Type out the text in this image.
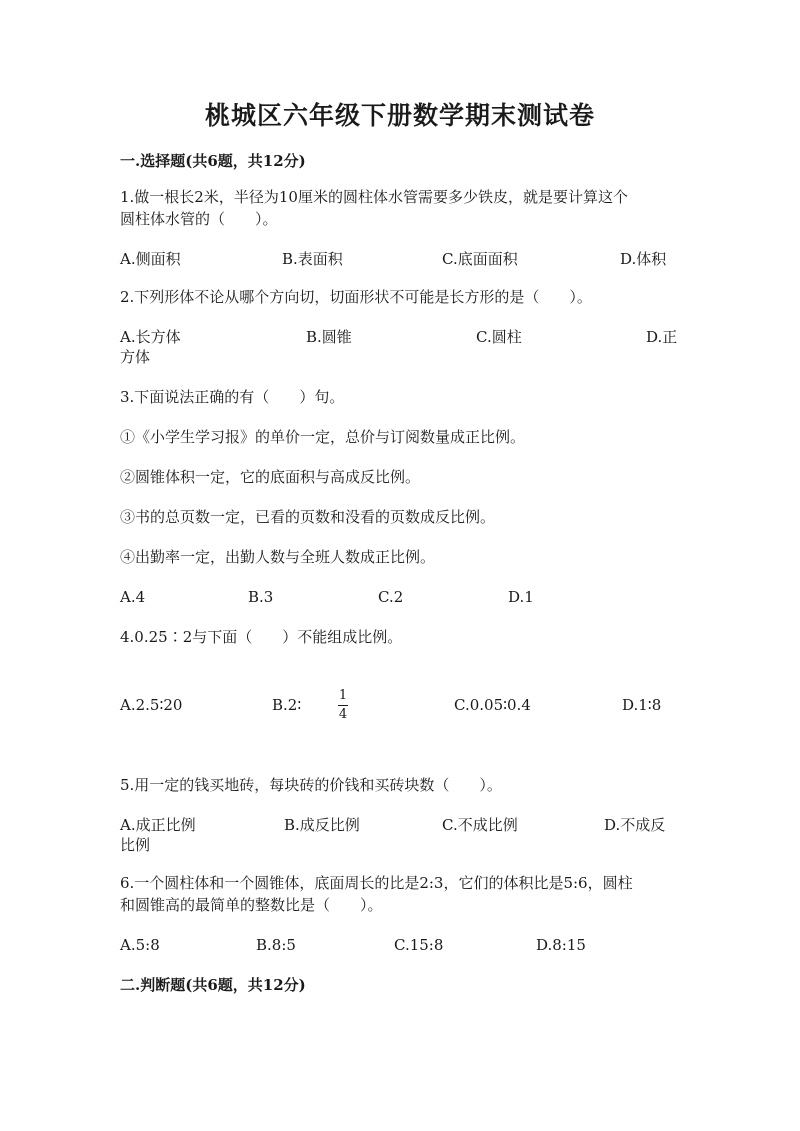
桃城区六年级下册数学期末测试卷
一.选择题(共6题，共12分)
1.做一根长2米，半径为10厘米的圆柱体水管需要多少铁皮，就是要计算这个
圆柱体水管的（　　）。
A.侧面积	B.表面积	C.底面面积	D.体积
2.下列形体不论从哪个方向切，切面形状不可能是长方形的是（　　）。
A.长方体	B.圆锥	C.圆柱	D.正
方体
3.下面说法正确的有（　　）句。
①《小学生学习报》的单价一定，总价与订阅数量成正比例。
②圆锥体积一定，它的底面积与高成反比例。
③书的总页数一定，已看的页数和没看的页数成反比例。
④出勤率一定，出勤人数与全班人数成正比例。
A.4	B.3	C.2	D.1
4.0.25∶2与下面（　　）不能组成比例。
A.2.5∶20	B.2∶
1
4
C.0.05∶0.4	D.1∶8
5.用一定的钱买地砖，每块砖的价钱和买砖块数（　　）。
A.成正比例	B.成反比例	C.不成比例	D.不成反
比例
6.一个圆柱体和一个圆锥体，底面周长的比是2:3，它们的体积比是5:6，圆柱
和圆锥高的最简单的整数比是（　　）。
A.5:8	B.8:5	C.15:8	D.8:15
二.判断题(共6题，共12分)
